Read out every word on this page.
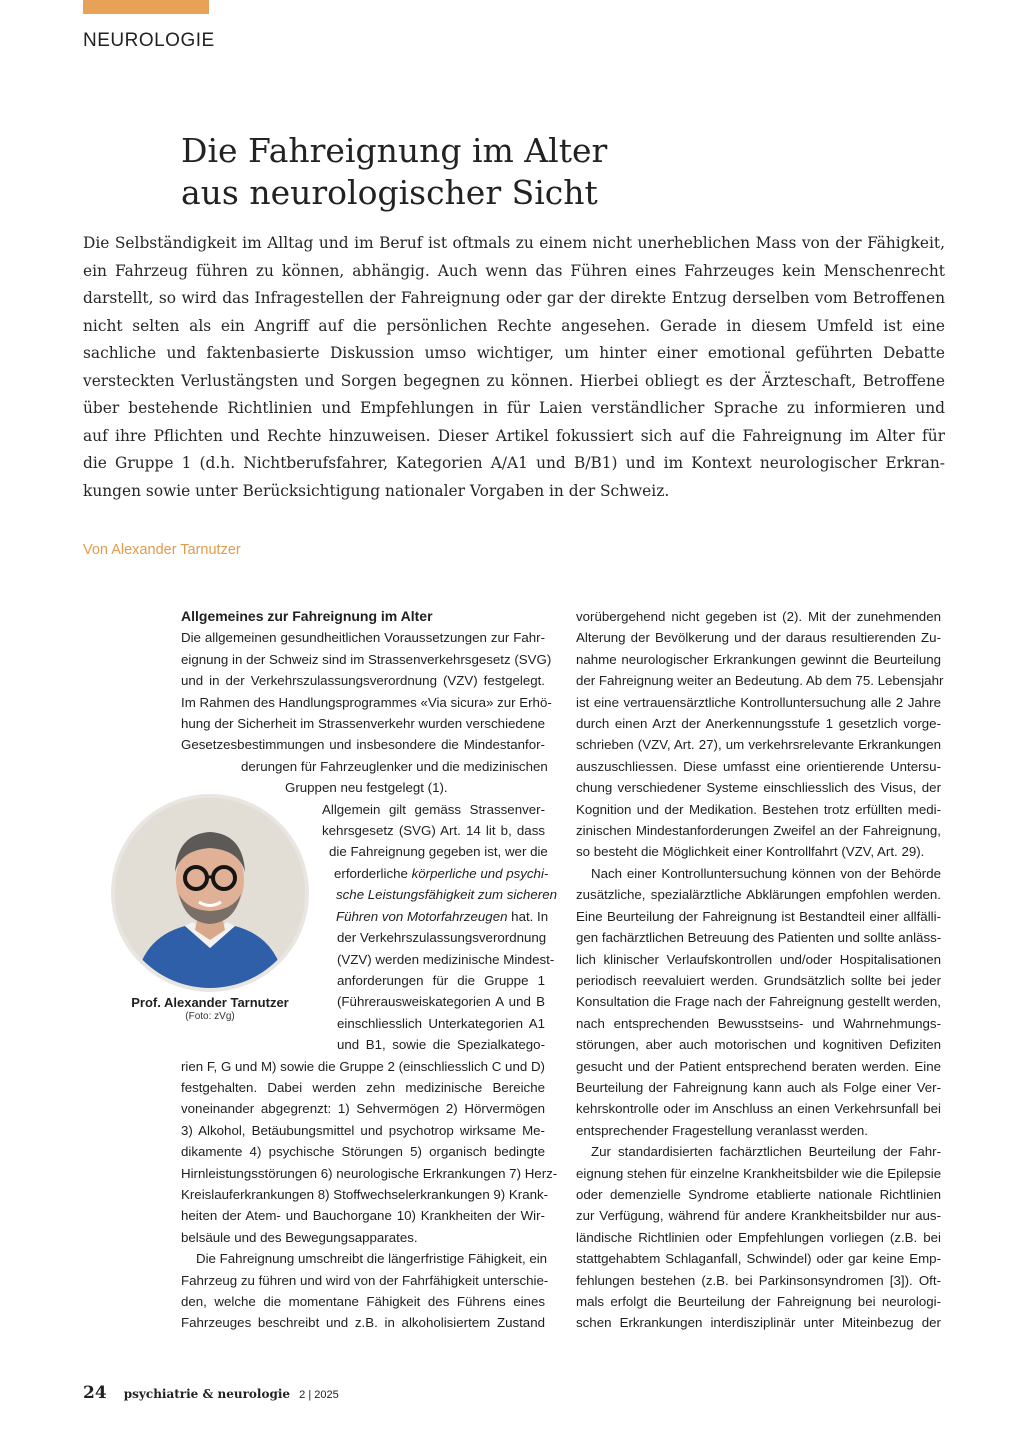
NEUROLOGIE
Die Fahreignung im Alter
aus neurologischer Sicht
Die Selbständigkeit im Alltag und im Beruf ist oftmals zu einem nicht unerheblichen Mass von der Fähigkeit,
ein Fahrzeug führen zu können, abhängig. Auch wenn das Führen eines Fahrzeuges kein Menschenrecht
darstellt, so wird das Infragestellen der Fahreignung oder gar der direkte Entzug derselben vom Betroffenen
nicht selten als ein Angriff auf die persönlichen Rechte angesehen. Gerade in diesem Umfeld ist eine
sachliche und faktenbasierte Diskussion umso wichtiger, um hinter einer emotional geführten Debatte
versteckten Verlustängsten und Sorgen begegnen zu können. Hierbei obliegt es der Ärzteschaft, Betroffene
über bestehende Richtlinien und Empfehlungen in für Laien verständlicher Sprache zu informieren und
auf ihre Pflichten und Rechte hinzuweisen. Dieser Artikel fokussiert sich auf die Fahreignung im Alter für
die Gruppe 1 (d.h. Nichtberufsfahrer, Kategorien A/A1 und B/B1) und im Kontext neurologischer Erkran-
kungen sowie unter Berücksichtigung nationaler Vorgaben in der Schweiz.
Von Alexander Tarnutzer
Allgemeines zur Fahreignung im Alter
Die allgemeinen gesundheitlichen Voraussetzungen zur Fahr-
eignung in der Schweiz sind im Strassenverkehrsgesetz (SVG)
und in der Verkehrszulassungsverordnung (VZV) festgelegt.
Im Rahmen des Handlungsprogrammes «Via sicura» zur Erhö-
hung der Sicherheit im Strassenverkehr wurden verschiedene
Gesetzesbestimmungen und insbesondere die Mindestanfor-
derungen für Fahrzeuglenker und die medizinischen
Gruppen neu festgelegt (1).
Allgemein gilt gemäss Strassenver-
kehrsgesetz (SVG) Art. 14 lit b, dass
die Fahreignung gegeben ist, wer die
erforderliche körperliche und psychi-
sche Leistungsfähigkeit zum sicheren
Führen von Motorfahrzeugen hat. In
der Verkehrszulassungsverordnung
(VZV) werden medizinische Mindest-
anforderungen für die Gruppe 1
(Führerausweiskategorien A und B
einschliesslich Unterkategorien A1
und B1, sowie die Spezialkatego-
rien F, G und M) sowie die Gruppe 2 (einschliesslich C und D)
festgehalten. Dabei werden zehn medizinische Bereiche
voneinander abgegrenzt: 1) Sehvermögen 2) Hörvermögen
3) Alkohol, Betäubungsmittel und psychotrop wirksame Me-
dikamente 4) psychische Störungen 5) organisch bedingte
Hirnleistungsstörungen 6) neurologische Erkrankungen 7) Herz-
Kreislauferkrankungen 8) Stoffwechselerkrankungen 9) Krank-
heiten der Atem- und Bauchorgane 10) Krankheiten der Wir-
belsäule und des Bewegungsapparates.
Die Fahreignung umschreibt die längerfristige Fähigkeit, ein
Fahrzeug zu führen und wird von der Fahrfähigkeit unterschie-
den, welche die momentane Fähigkeit des Führens eines
Fahrzeuges beschreibt und z.B. in alkoholisiertem Zustand
Prof. Alexander Tarnutzer
(Foto: zVg)
vorübergehend nicht gegeben ist (2). Mit der zunehmenden
Alterung der Bevölkerung und der daraus resultierenden Zu-
nahme neurologischer Erkrankungen gewinnt die Beurteilung
der Fahreignung weiter an Bedeutung. Ab dem 75. Lebensjahr
ist eine vertrauensärztliche Kontrolluntersuchung alle 2 Jahre
durch einen Arzt der Anerkennungsstufe 1 gesetzlich vorge-
schrieben (VZV, Art. 27), um verkehrsrelevante Erkrankungen
auszuschliessen. Diese umfasst eine orientierende Untersu-
chung verschiedener Systeme einschliesslich des Visus, der
Kognition und der Medikation. Bestehen trotz erfüllten medi-
zinischen Mindestanforderungen Zweifel an der Fahreignung,
so besteht die Möglichkeit einer Kontrollfahrt (VZV, Art. 29).
Nach einer Kontrolluntersuchung können von der Behörde
zusätzliche, spezialärztliche Abklärungen empfohlen werden.
Eine Beurteilung der Fahreignung ist Bestandteil einer allfälli-
gen fachärztlichen Betreuung des Patienten und sollte anläss-
lich klinischer Verlaufskontrollen und/oder Hospitalisationen
periodisch reevaluiert werden. Grundsätzlich sollte bei jeder
Konsultation die Frage nach der Fahreignung gestellt werden,
nach entsprechenden Bewusstseins- und Wahrnehmungs-
störungen, aber auch motorischen und kognitiven Defiziten
gesucht und der Patient entsprechend beraten werden. Eine
Beurteilung der Fahreignung kann auch als Folge einer Ver-
kehrskontrolle oder im Anschluss an einen Verkehrsunfall bei
entsprechender Fragestellung veranlasst werden.
Zur standardisierten fachärztlichen Beurteilung der Fahr-
eignung stehen für einzelne Krankheitsbilder wie die Epilepsie
oder demenzielle Syndrome etablierte nationale Richtlinien
zur Verfügung, während für andere Krankheitsbilder nur aus-
ländische Richtlinien oder Empfehlungen vorliegen (z.B. bei
stattgehabtem Schlaganfall, Schwindel) oder gar keine Emp-
fehlungen bestehen (z.B. bei Parkinsonsyndromen [3]). Oft-
mals erfolgt die Beurteilung der Fahreignung bei neurologi-
schen Erkrankungen interdisziplinär unter Miteinbezug der
24 psychiatrie & neurologie 2 | 2025
